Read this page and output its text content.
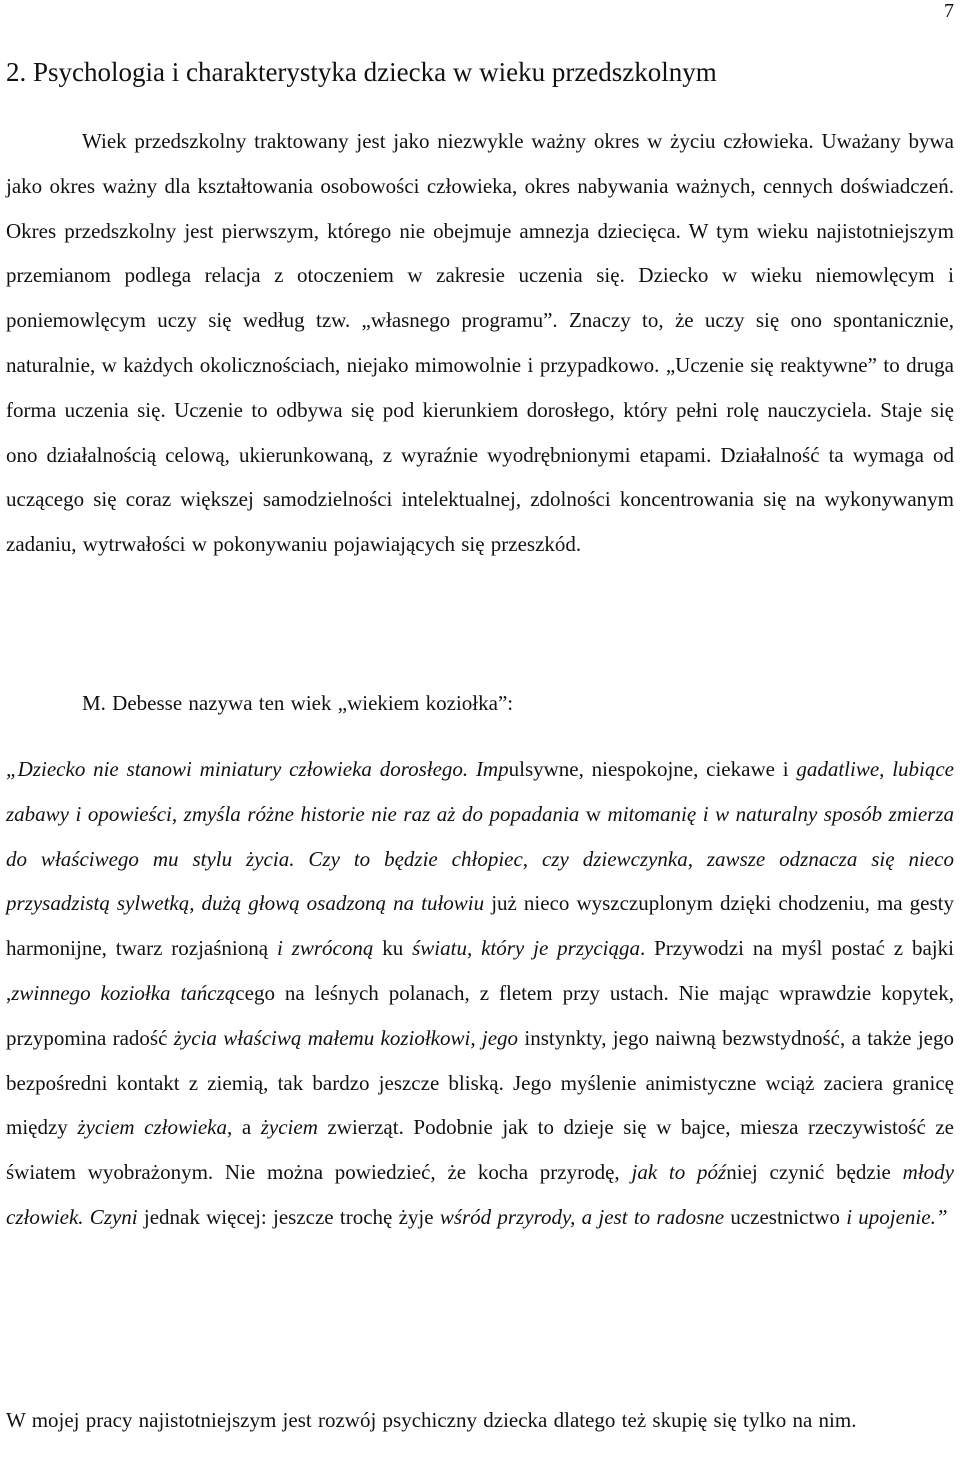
7
2. Psychologia i charakterystyka dziecka w wieku przedszkolnym

Wiek przedszkolny traktowany jest jako niezwykle ważny okres w życiu człowieka. Uważany bywa jako okres ważny dla kształtowania osobowości człowieka, okres nabywania ważnych, cennych doświadczeń. Okres przedszkolny jest pierwszym, którego nie obejmuje amnezja dziecięca. W tym wieku najistotniejszym przemianom podlega relacja z otoczeniem w zakresie uczenia się. Dziecko w wieku niemowlęcym i poniemowlęcym uczy się według tzw. „własnego programu”. Znaczy to, że uczy się ono spontanicznie, naturalnie, w każdych okolicznościach, niejako mimowolnie i przypadkowo. „Uczenie się reaktywne” to druga forma uczenia się. Uczenie to odbywa się pod kierunkiem dorosłego, który pełni rolę nauczyciela. Staje się ono działalnością celową, ukierunkowaną, z wyraźnie wyodrębnionymi etapami. Działalność ta wymaga od uczącego się coraz większej samodzielności intelektualnej, zdolności koncentrowania się na wykonywanym zadaniu, wytrwałości w pokonywaniu pojawiających się przeszkód.

M. Debesse nazywa ten wiek „wiekiem koziołka”:

„Dziecko nie stanowi miniatury człowieka dorosłego. Impulsywne, niespokojne, ciekawe i gadatliwe, lubiące zabawy i opowieści, zmyśla różne historie nie raz aż do popadania w mitomanię i w naturalny sposób zmierza do właściwego mu stylu życia. Czy to będzie chłopiec, czy dziewczynka, zawsze odznacza się nieco przysadzistą sylwetką, dużą głową osadzoną na tułowiu już nieco wyszczuplonym dzięki chodzeniu, ma gesty harmonijne, twarz rozjaśnioną i zwróconą ku światu, który je przyciąga. Przywodzi na myśl postać z bajki ,zwinnego koziołka tańczącego na leśnych polanach, z fletem przy ustach. Nie mając wprawdzie kopytek, przypomina radość życia właściwą małemu koziołkowi, jego instynkty, jego naiwną bezwstydność, a także jego bezpośredni kontakt z ziemią, tak bardzo jeszcze bliską. Jego myślenie animistyczne wciąż zaciera granicę między życiem człowieka, a życiem zwierząt. Podobnie jak to dzieje się w bajce, miesza rzeczywistość ze światem wyobrażonym. Nie można powiedzieć, że kocha przyrodę, jak to później czynić będzie młody człowiek. Czyni jednak więcej: jeszcze trochę żyje wśród przyrody, a jest to radosne uczestnictwo i upojenie.”

W mojej pracy najistotniejszym jest rozwój psychiczny dziecka dlatego też skupię się tylko na nim.
